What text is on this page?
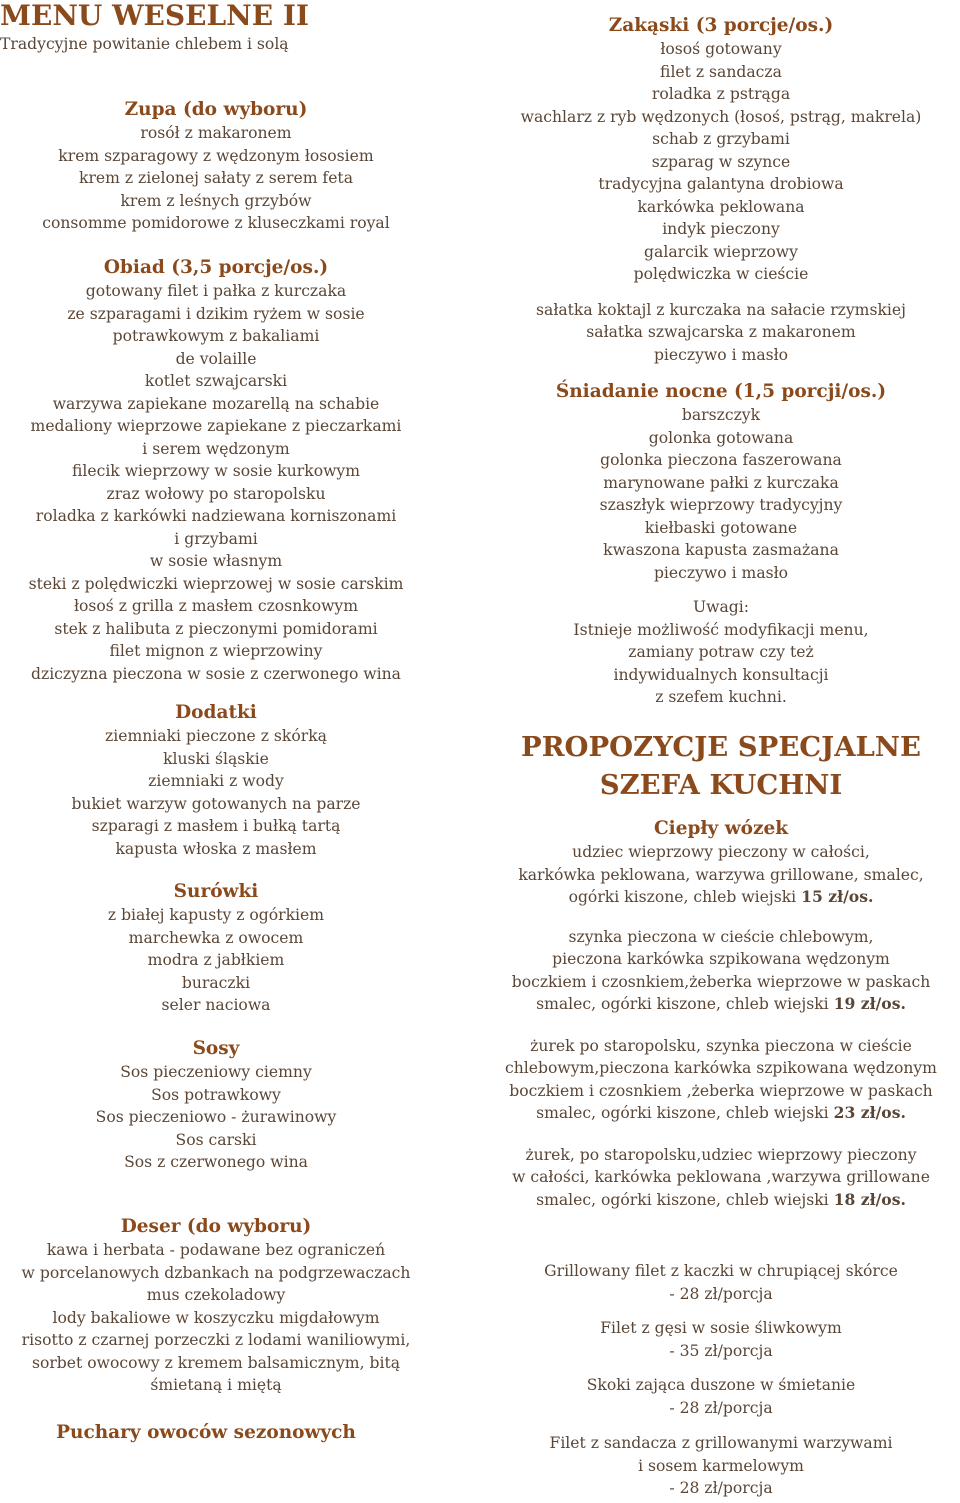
MENU WESELNE II
Tradycyjne powitanie chlebem i solą
Zupa (do wyboru)
rosół z makaronem
krem szparagowy z wędzonym łososiem
krem z zielonej sałaty z serem feta
krem z leśnych grzybów
consomme pomidorowe z kluseczkami royal
Obiad (3,5 porcje/os.)
gotowany filet i pałka z kurczaka
ze szparagami i dzikim ryżem w sosie
potrawkowym z bakaliami
de volaille
kotlet szwajcarski
warzywa zapiekane mozarellą na schabie
medaliony wieprzowe zapiekane z pieczarkami
i serem wędzonym
filecik wieprzowy w sosie kurkowym
zraz wołowy po staropolsku
roladka z karkówki nadziewana korniszonami
i grzybami
w sosie własnym
steki z polędwiczki wieprzowej w sosie carskim
łosoś z grilla z masłem czosnkowym
stek z halibuta z pieczonymi pomidorami
filet mignon z wieprzowiny
dziczyzna pieczona w sosie z czerwonego wina
Dodatki
ziemniaki pieczone z skórką
kluski śląskie
ziemniaki z wody
bukiet warzyw gotowanych na parze
szparagi z masłem i bułką tartą
kapusta włoska z masłem
Surówki
z białej kapusty z ogórkiem
marchewka z owocem
modra z jabłkiem
buraczki
seler naciowa
Sosy
Sos pieczeniowy ciemny
Sos potrawkowy
Sos pieczeniowo - żurawinowy
Sos carski
Sos z czerwonego wina
Deser (do wyboru)
kawa i herbata - podawane bez ograniczeń
w porcelanowych dzbankach na podgrzewaczach
mus czekoladowy
lody bakaliowe w koszyczku migdałowym
risotto z czarnej porzeczki z lodami waniliowymi,
sorbet owocowy z kremem balsamicznym, bitą
śmietaną i miętą
Puchary owoców sezonowych
Zakąski (3 porcje/os.)
łosoś gotowany
filet z sandacza
roladka z pstrąga
wachlarz z ryb wędzonych (łosoś, pstrąg, makrela)
schab z grzybami
szparag w szynce
tradycyjna galantyna drobiowa
karkówka peklowana
indyk pieczony
galarcik wieprzowy
polędwiczka w cieście
sałatka koktajl z kurczaka na sałacie rzymskiej
sałatka szwajcarska z makaronem
pieczywo i masło
Śniadanie nocne (1,5 porcji/os.)
barszczyk
golonka gotowana
golonka pieczona faszerowana
marynowane pałki z kurczaka
szaszłyk wieprzowy tradycyjny
kiełbaski gotowane
kwaszona kapusta zasmażana
pieczywo i masło
Uwagi:
Istnieje możliwość modyfikacji menu,
zamiany potraw czy też
indywidualnych konsultacji
z szefem kuchni.
PROPOZYCJE SPECJALNE
SZEFA KUCHNI
Ciepły wózek
udziec wieprzowy pieczony w całości,
karkówka peklowana, warzywa grillowane, smalec,
ogórki kiszone, chleb wiejski 15 zł/os.
szynka pieczona w cieście chlebowym,
pieczona karkówka szpikowana wędzonym
boczkiem i czosnkiem,żeberka wieprzowe w paskach
smalec, ogórki kiszone, chleb wiejski 19 zł/os.
żurek po staropolsku, szynka pieczona w cieście
chlebowym,pieczona karkówka szpikowana wędzonym
boczkiem i czosnkiem ,żeberka wieprzowe w paskach
smalec, ogórki kiszone, chleb wiejski 23 zł/os.
żurek, po staropolsku,udziec wieprzowy pieczony
w całości, karkówka peklowana ,warzywa grillowane
smalec, ogórki kiszone, chleb wiejski 18 zł/os.
Grillowany filet z kaczki w chrupiącej skórce
- 28 zł/porcja
Filet z gęsi w sosie śliwkowym
- 35 zł/porcja
Skoki zająca duszone w śmietanie
- 28 zł/porcja
Filet z sandacza z grillowanymi warzywami
i sosem karmelowym
- 28 zł/porcja
